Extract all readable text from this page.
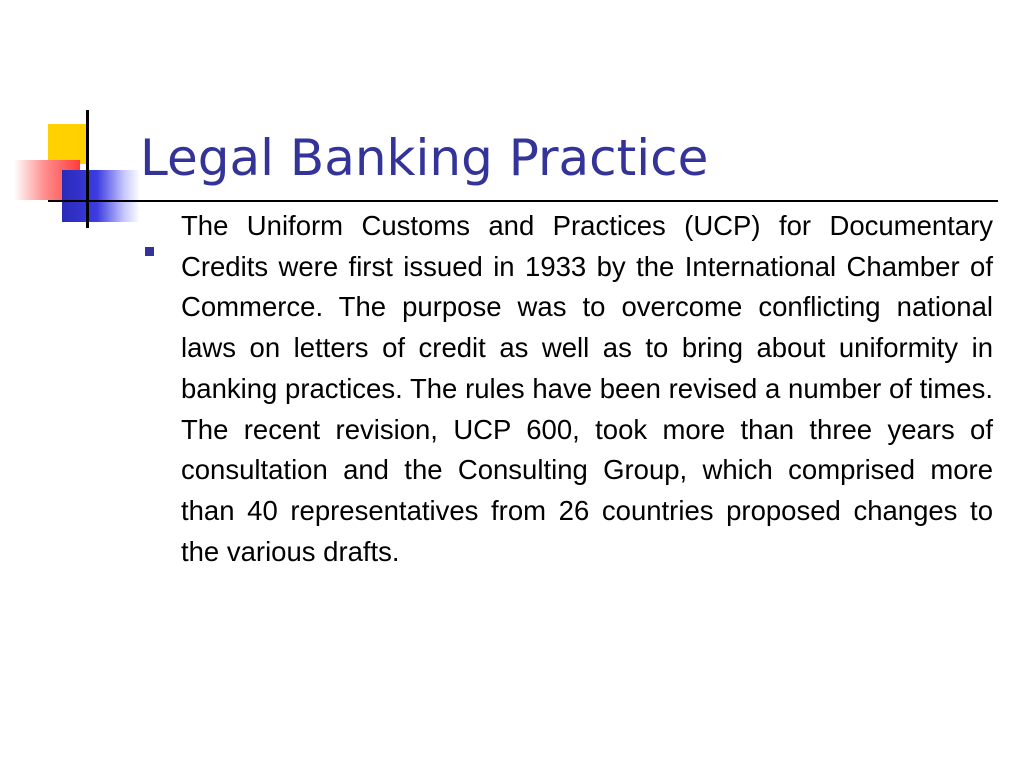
Legal Banking Practice
The Uniform Customs and Practices (UCP) for Documentary Credits were first issued in 1933 by the International Chamber of Commerce. The purpose was to overcome conflicting national laws on letters of credit as well as to bring about uniformity in banking practices. The rules have been revised a number of times. The recent revision, UCP 600, took more than three years of consultation and the Consulting Group, which comprised more than 40 representatives from 26 countries proposed changes to the various drafts.
